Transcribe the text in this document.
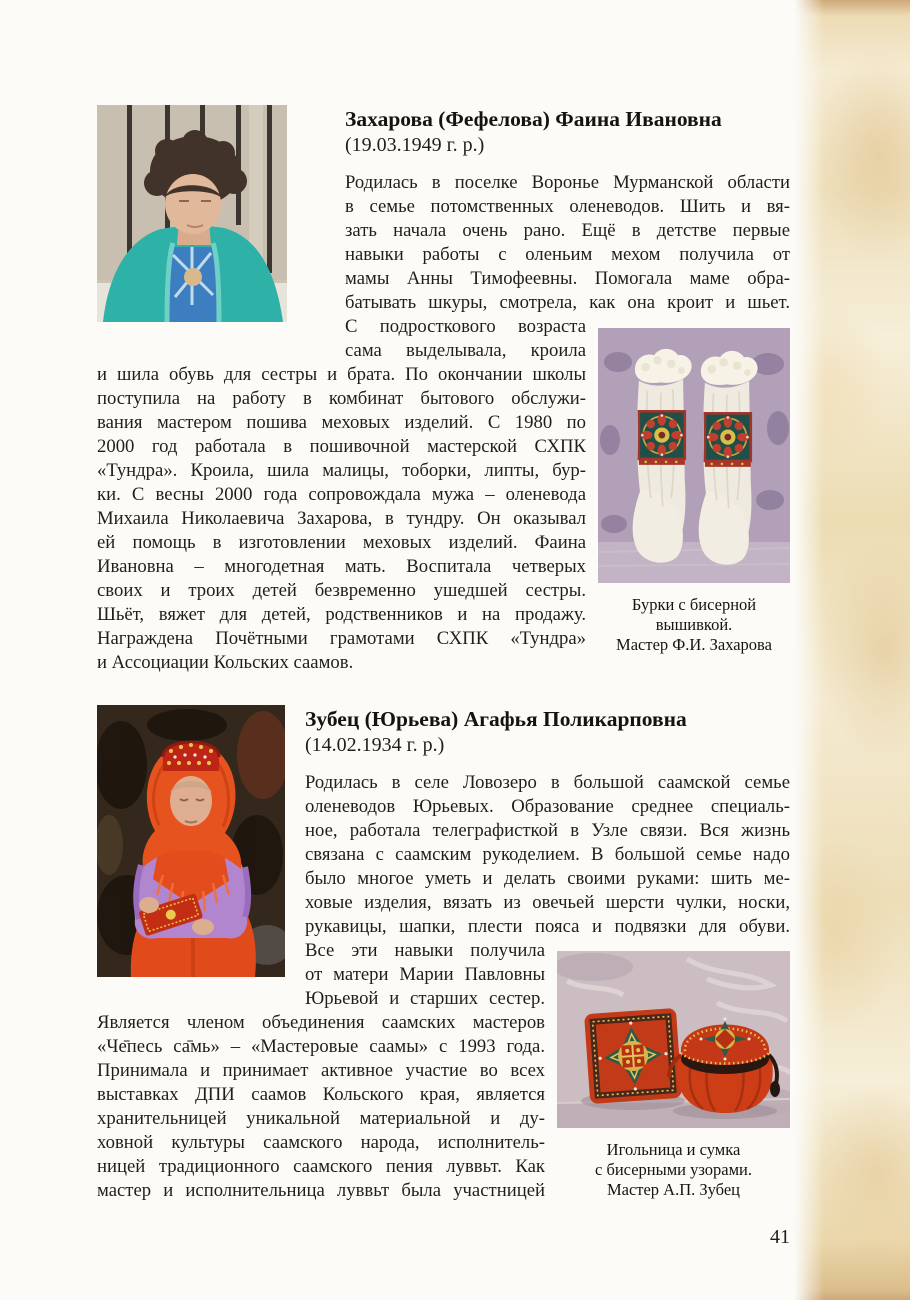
Бурки с бисерной
вышивкой.
Мастер Ф.И. Захарова
Захарова (Фефелова) Фаина Ивановна
(19.03.1949 г. р.)
Родилась в поселке Воронье Мурманской области
в семье потомственных оленеводов. Шить и вя-
зать начала очень рано. Ещё в детстве первые
навыки работы с оленьим мехом получила от
мамы Анны Тимофеевны. Помогала маме обра-
батывать шкуры, смотрела, как она кроит и шьет.
С подросткового возраста
сама выделывала, кроила
и шила обувь для сестры и брата. По окончании школы
поступила на работу в комбинат бытового обслужи-
вания мастером пошива меховых изделий. С 1980 по
2000 год работала в пошивочной мастерской СХПК
«Тундра». Кроила, шила малицы, тоборки, липты, бур-
ки. С весны 2000 года сопровождала мужа – оленевода
Михаила Николаевича Захарова, в тундру. Он оказывал
ей помощь в изготовлении меховых изделий. Фаина
Ивановна – многодетная мать. Воспитала четверых
своих и троих детей безвременно ушедшей сестры.
Шьёт, вяжет для детей, родственников и на продажу.
Награждена Почётными грамотами СХПК «Тундра»
и Ассоциации Кольских саамов.
Игольница и сумка
с бисерными узорами.
Мастер А.П. Зубец
Зубец (Юрьева) Агафья Поликарповна
(14.02.1934 г. р.)
Родилась в селе Ловозеро в большой саамской семье
оленеводов Юрьевых. Образование среднее специаль-
ное, работала телеграфисткой в Узле связи. Вся жизнь
связана с саамским рукоделием. В большой семье надо
было многое уметь и делать своими руками: шить ме-
ховые изделия, вязать из овечьей шерсти чулки, носки,
рукавицы, шапки, плести пояса и подвязки для обуви.
Все эти навыки получила
от матери Марии Павловны
Юрьевой и старших сестер.
Является членом объединения саамских мастеров
«Че̄песь са̄мь» – «Мастеровые саамы» с 1993 года.
Принимала и принимает активное участие во всех
выставках ДПИ саамов Кольского края, является
хранительницей уникальной материальной и ду-
ховной культуры саамского народа, исполнитель-
ницей традиционного саамского пения луввьт. Как
мастер и исполнительница луввьт была участницей
41
